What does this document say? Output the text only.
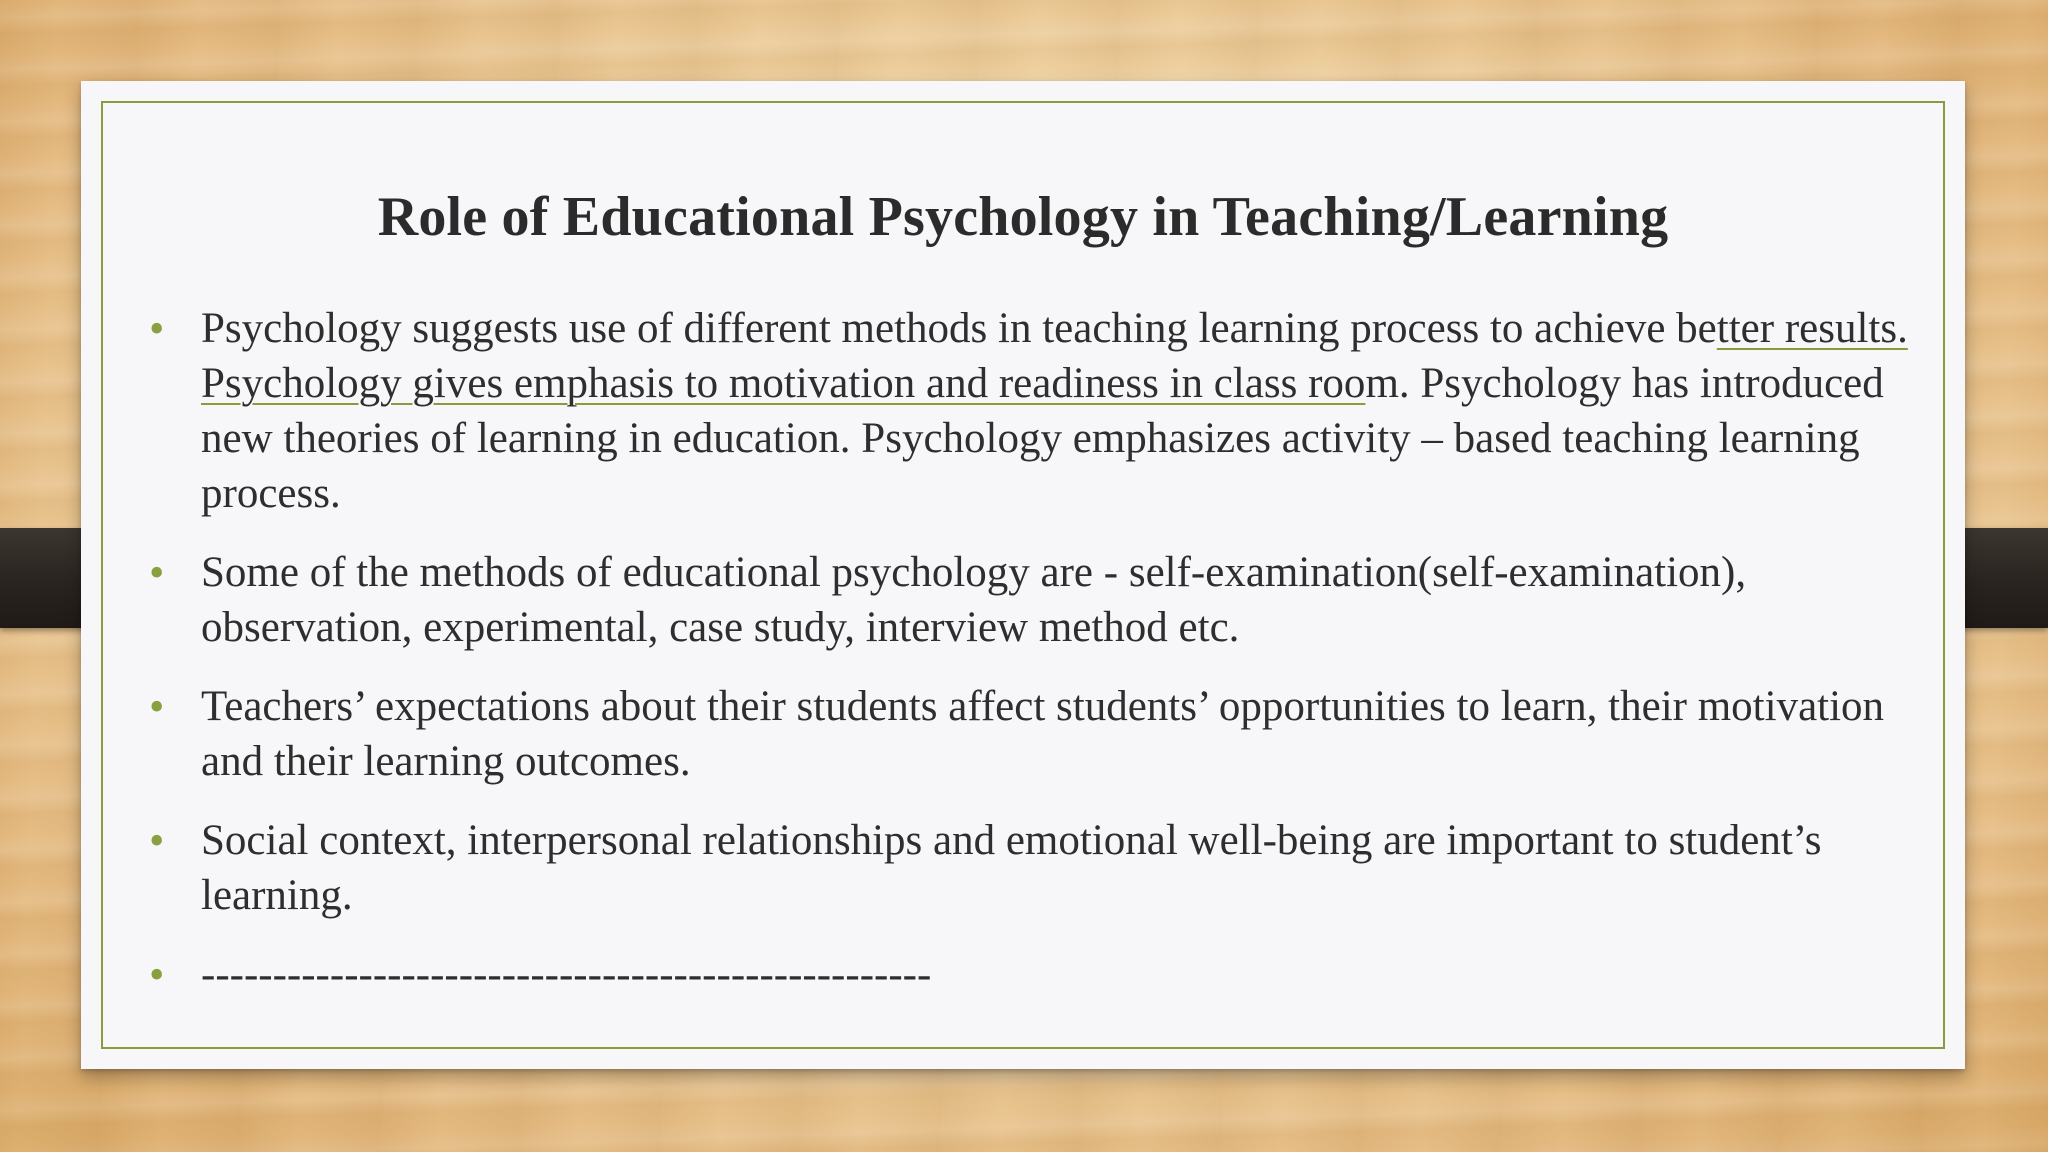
Role of Educational Psychology in Teaching/Learning
• Psychology suggests use of different methods in teaching learning process to achieve better results. Psychology gives emphasis to motivation and readiness in class room. Psychology has introduced new theories of learning in education. Psychology emphasizes activity – based teaching learning process.
• Some of the methods of educational psychology are - self-examination(self-examination), observation, experimental, case study, interview method etc.
• Teachers’ expectations about their students affect students’ opportunities to learn, their motivation and their learning outcomes.
• Social context, interpersonal relationships and emotional well-being are important to student’s learning.
• ---------------------------------------------------
